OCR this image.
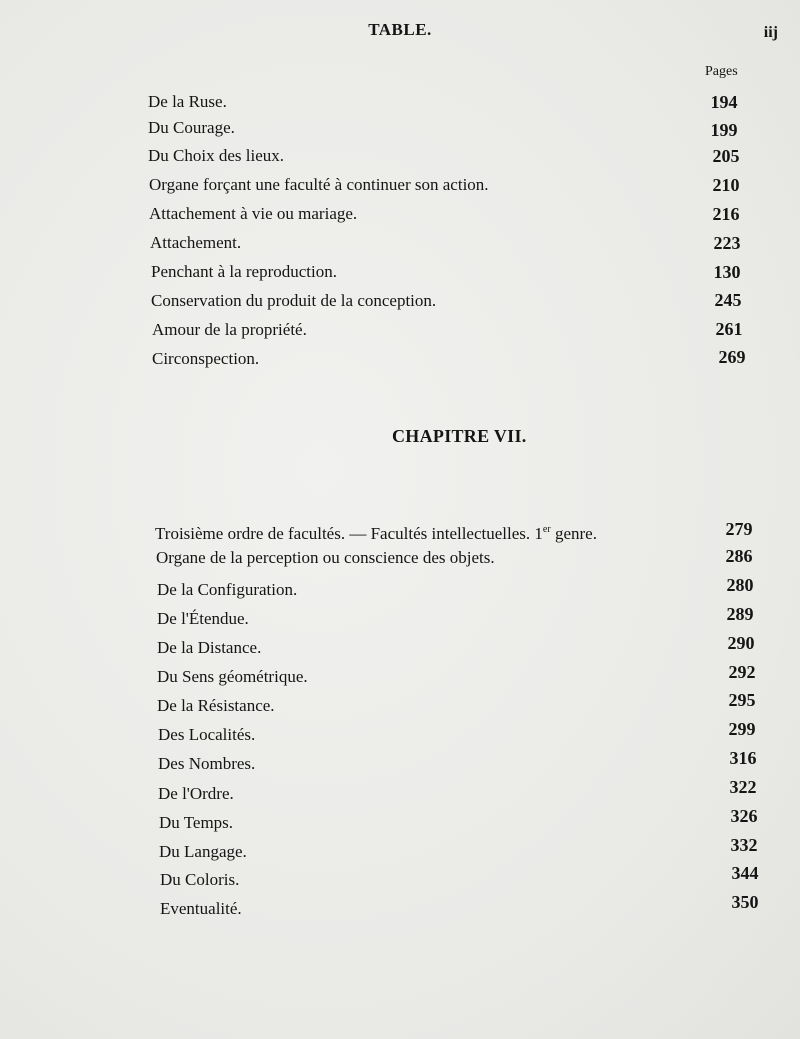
TABLE.	iij
Pages
De la Ruse.	194
Du Courage.	199
Du Choix des lieux.	205
Organe forçant une faculté à continuer son action.	210
Attachement à vie ou mariage.	216
Attachement.	223
Penchant à la reproduction.	130
Conservation du produit de la conception.	245
Amour de la propriété.	261
Circonspection.	269
CHAPITRE VII.
Troisième ordre de facultés. — Facultés intellectuelles. 1er genre.	279
Organe de la perception ou conscience des objets.	286
De la Configuration.	280
De l'Étendue.	289
De la Distance.	290
Du Sens géométrique.	292
De la Résistance.	295
Des Localités.	299
Des Nombres.	316
De l'Ordre.	322
Du Temps.	326
Du Langage.	332
Du Coloris.	344
Eventualité.	350
